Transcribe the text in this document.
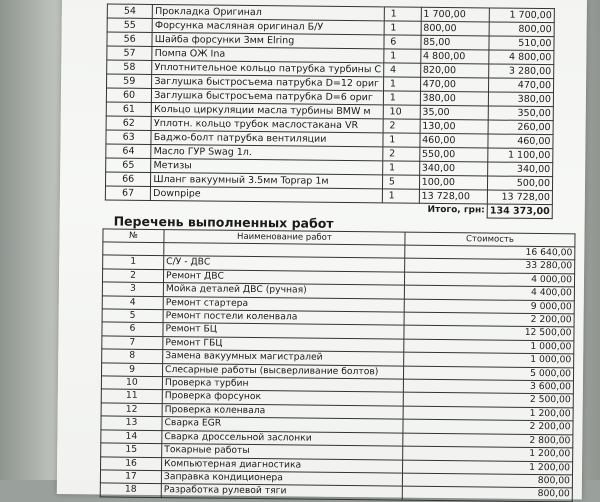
54	Прокладка Оригинал	1	1 700,00	1 700,00
55	Форсунка масляная оригинал Б/У	1	800,00	800,00
56	Шайба форсунки 3мм Elring	6	85,00	510,00
57	Помпа ОЖ Ina	1	4 800,00	4 800,00
58	Уплотнительное кольцо патрубка турбины С	4	820,00	3 280,00
59	Заглушка быстросъема патрубка D=12 ориг	1	470,00	470,00
60	Заглушка быстросъема патрубка D=6 ориг	1	380,00	380,00
61	Кольцо циркуляции масла турбины BMW м	10	35,00	350,00
62	Уплотн. кольцо трубок маслостакана VR	2	130,00	260,00
63	Баджо-болт патрубка вентиляции	1	460,00	460,00
64	Масло ГУР Swag 1л.	2	550,00	1 100,00
65	Метизы	1	340,00	340,00
66	Шланг вакуумный 3.5мм Toprap 1м	5	100,00	500,00
67	Downpipe	1	13 728,00	13 728,00
Итого, грн:				134 373,00
Перечень выполненных работ
№	Наименование работ	Стоимость
		16 640,00
1	С/У - ДВС	33 280,00
2	Ремонт ДВС	4 000,00
3	Мойка деталей ДВС (ручная)	4 400,00
4	Ремонт стартера	9 000,00
5	Ремонт постели коленвала	2 200,00
6	Ремонт БЦ	12 500,00
7	Ремонт ГБЦ	1 000,00
8	Замена вакуумных магистралей	1 000,00
9	Слесарные работы (высверливание болтов)	5 000,00
10	Проверка турбин	3 600,00
11	Проверка форсунок	2 500,00
12	Проверка коленвала	1 200,00
13	Сварка EGR	2 200,00
14	Сварка дроссельной заслонки	2 800,00
15	Токарные работы	1 200,00
16	Компьютерная диагностика	1 200,00
17	Заправка кондиционера	800,00
18	Разработка рулевой тяги	800,00
